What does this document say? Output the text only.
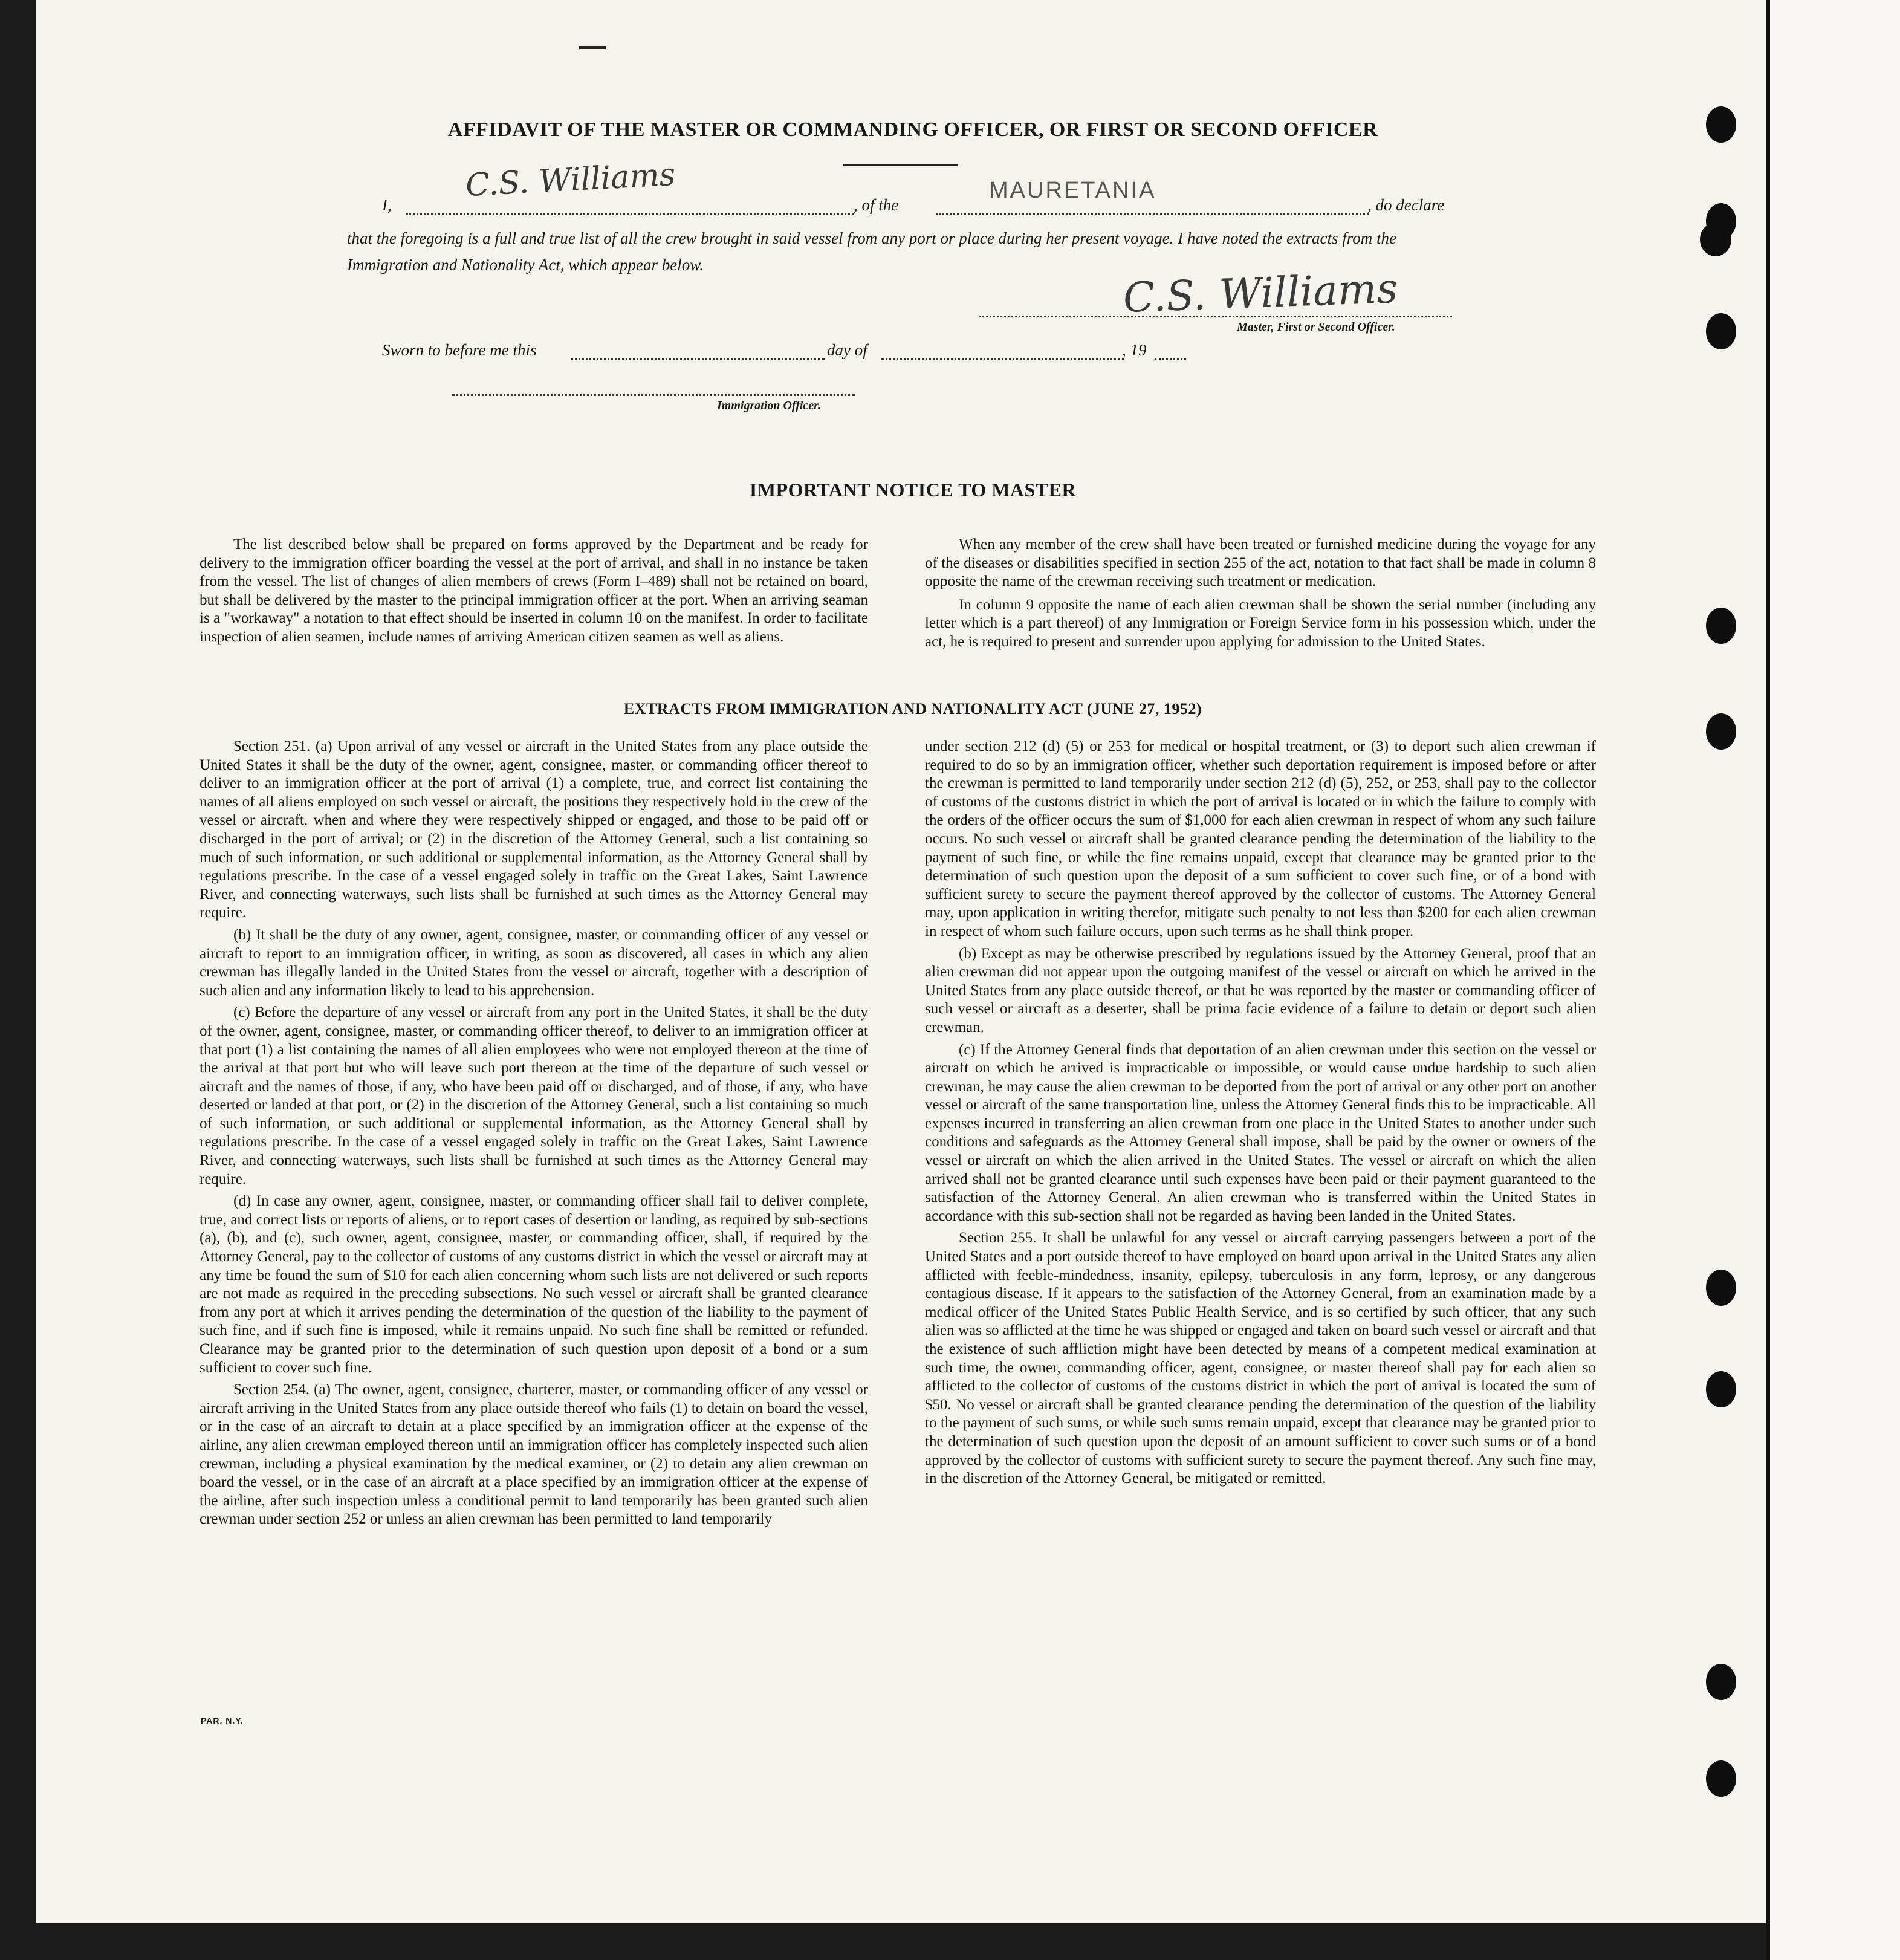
AFFIDAVIT OF THE MASTER OR COMMANDING OFFICER, OR FIRST OR SECOND OFFICER
I,
C.S. Williams
, of the
MAURETANIA
, do declare
that the foregoing is a full and true list of all the crew brought in said vessel from any port or place during her present voyage. I have noted the extracts from the Immigration and Nationality Act, which appear below.
C.S. Williams
Master, First or Second Officer.
Sworn to before me this	day of	, 19
Immigration Officer.
IMPORTANT NOTICE TO MASTER

The list described below shall be prepared on forms approved by the Department and be ready for delivery to the immigration officer boarding the vessel at the port of arrival, and shall in no instance be taken from the vessel. The list of changes of alien members of crews (Form I–489) shall not be retained on board, but shall be delivered by the master to the principal immigration officer at the port. When an arriving seaman is a "workaway" a notation to that effect should be inserted in column 10 on the manifest. In order to facilitate inspection of alien seamen, include names of arriving American citizen seamen as well as aliens.

When any member of the crew shall have been treated or furnished medicine during the voyage for any of the diseases or disabilities specified in section 255 of the act, notation to that fact shall be made in column 8 opposite the name of the crewman receiving such treatment or medication.

In column 9 opposite the name of each alien crewman shall be shown the serial number (including any letter which is a part thereof) of any Immigration or Foreign Service form in his possession which, under the act, he is required to present and surrender upon applying for admission to the United States.

EXTRACTS FROM IMMIGRATION AND NATIONALITY ACT (JUNE 27, 1952)

Section 251. (a) Upon arrival of any vessel or aircraft in the United States from any place outside the United States it shall be the duty of the owner, agent, consignee, master, or commanding officer thereof to deliver to an immigration officer at the port of arrival (1) a complete, true, and correct list containing the names of all aliens employed on such vessel or aircraft, the positions they respectively hold in the crew of the vessel or aircraft, when and where they were respectively shipped or engaged, and those to be paid off or discharged in the port of arrival; or (2) in the discretion of the Attorney General, such a list containing so much of such information, or such additional or supplemental information, as the Attorney General shall by regulations prescribe. In the case of a vessel engaged solely in traffic on the Great Lakes, Saint Lawrence River, and connecting waterways, such lists shall be furnished at such times as the Attorney General may require.

(b) It shall be the duty of any owner, agent, consignee, master, or commanding officer of any vessel or aircraft to report to an immigration officer, in writing, as soon as discovered, all cases in which any alien crewman has illegally landed in the United States from the vessel or aircraft, together with a description of such alien and any information likely to lead to his apprehension.

(c) Before the departure of any vessel or aircraft from any port in the United States, it shall be the duty of the owner, agent, consignee, master, or commanding officer thereof, to deliver to an immigration officer at that port (1) a list containing the names of all alien employees who were not employed thereon at the time of the arrival at that port but who will leave such port thereon at the time of the departure of such vessel or aircraft and the names of those, if any, who have been paid off or discharged, and of those, if any, who have deserted or landed at that port, or (2) in the discretion of the Attorney General, such a list containing so much of such information, or such additional or supplemental information, as the Attorney General shall by regulations prescribe. In the case of a vessel engaged solely in traffic on the Great Lakes, Saint Lawrence River, and connecting waterways, such lists shall be furnished at such times as the Attorney General may require.

(d) In case any owner, agent, consignee, master, or commanding officer shall fail to deliver complete, true, and correct lists or reports of aliens, or to report cases of desertion or landing, as required by sub-sections (a), (b), and (c), such owner, agent, consignee, master, or commanding officer, shall, if required by the Attorney General, pay to the collector of customs of any customs district in which the vessel or aircraft may at any time be found the sum of $10 for each alien concerning whom such lists are not delivered or such reports are not made as required in the preceding subsections. No such vessel or aircraft shall be granted clearance from any port at which it arrives pending the determination of the question of the liability to the payment of such fine, and if such fine is imposed, while it remains unpaid. No such fine shall be remitted or refunded. Clearance may be granted prior to the determination of such question upon deposit of a bond or a sum sufficient to cover such fine.

Section 254. (a) The owner, agent, consignee, charterer, master, or commanding officer of any vessel or aircraft arriving in the United States from any place outside thereof who fails (1) to detain on board the vessel, or in the case of an aircraft to detain at a place specified by an immigration officer at the expense of the airline, any alien crewman employed thereon until an immigration officer has completely inspected such alien crewman, including a physical examination by the medical examiner, or (2) to detain any alien crewman on board the vessel, or in the case of an aircraft at a place specified by an immigration officer at the expense of the airline, after such inspection unless a conditional permit to land temporarily has been granted such alien crewman under section 252 or unless an alien crewman has been permitted to land temporarily

under section 212 (d) (5) or 253 for medical or hospital treatment, or (3) to deport such alien crewman if required to do so by an immigration officer, whether such deportation requirement is imposed before or after the crewman is permitted to land temporarily under section 212 (d) (5), 252, or 253, shall pay to the collector of customs of the customs district in which the port of arrival is located or in which the failure to comply with the orders of the officer occurs the sum of $1,000 for each alien crewman in respect of whom any such failure occurs. No such vessel or aircraft shall be granted clearance pending the determination of the liability to the payment of such fine, or while the fine remains unpaid, except that clearance may be granted prior to the determination of such question upon the deposit of a sum sufficient to cover such fine, or of a bond with sufficient surety to secure the payment thereof approved by the collector of customs. The Attorney General may, upon application in writing therefor, mitigate such penalty to not less than $200 for each alien crewman in respect of whom such failure occurs, upon such terms as he shall think proper.

(b) Except as may be otherwise prescribed by regulations issued by the Attorney General, proof that an alien crewman did not appear upon the outgoing manifest of the vessel or aircraft on which he arrived in the United States from any place outside thereof, or that he was reported by the master or commanding officer of such vessel or aircraft as a deserter, shall be prima facie evidence of a failure to detain or deport such alien crewman.

(c) If the Attorney General finds that deportation of an alien crewman under this section on the vessel or aircraft on which he arrived is impracticable or impossible, or would cause undue hardship to such alien crewman, he may cause the alien crewman to be deported from the port of arrival or any other port on another vessel or aircraft of the same transportation line, unless the Attorney General finds this to be impracticable. All expenses incurred in transferring an alien crewman from one place in the United States to another under such conditions and safeguards as the Attorney General shall impose, shall be paid by the owner or owners of the vessel or aircraft on which the alien arrived in the United States. The vessel or aircraft on which the alien arrived shall not be granted clearance until such expenses have been paid or their payment guaranteed to the satisfaction of the Attorney General. An alien crewman who is transferred within the United States in accordance with this sub-section shall not be regarded as having been landed in the United States.

Section 255. It shall be unlawful for any vessel or aircraft carrying passengers between a port of the United States and a port outside thereof to have employed on board upon arrival in the United States any alien afflicted with feeble-mindedness, insanity, epilepsy, tuberculosis in any form, leprosy, or any dangerous contagious disease. If it appears to the satisfaction of the Attorney General, from an examination made by a medical officer of the United States Public Health Service, and is so certified by such officer, that any such alien was so afflicted at the time he was shipped or engaged and taken on board such vessel or aircraft and that the existence of such affliction might have been detected by means of a competent medical examination at such time, the owner, commanding officer, agent, consignee, or master thereof shall pay for each alien so afflicted to the collector of customs of the customs district in which the port of arrival is located the sum of $50. No vessel or aircraft shall be granted clearance pending the determination of the question of the liability to the payment of such sums, or while such sums remain unpaid, except that clearance may be granted prior to the determination of such question upon the deposit of an amount sufficient to cover such sums or of a bond approved by the collector of customs with sufficient surety to secure the payment thereof. Any such fine may, in the discretion of the Attorney General, be mitigated or remitted.

PAR. N.Y.
